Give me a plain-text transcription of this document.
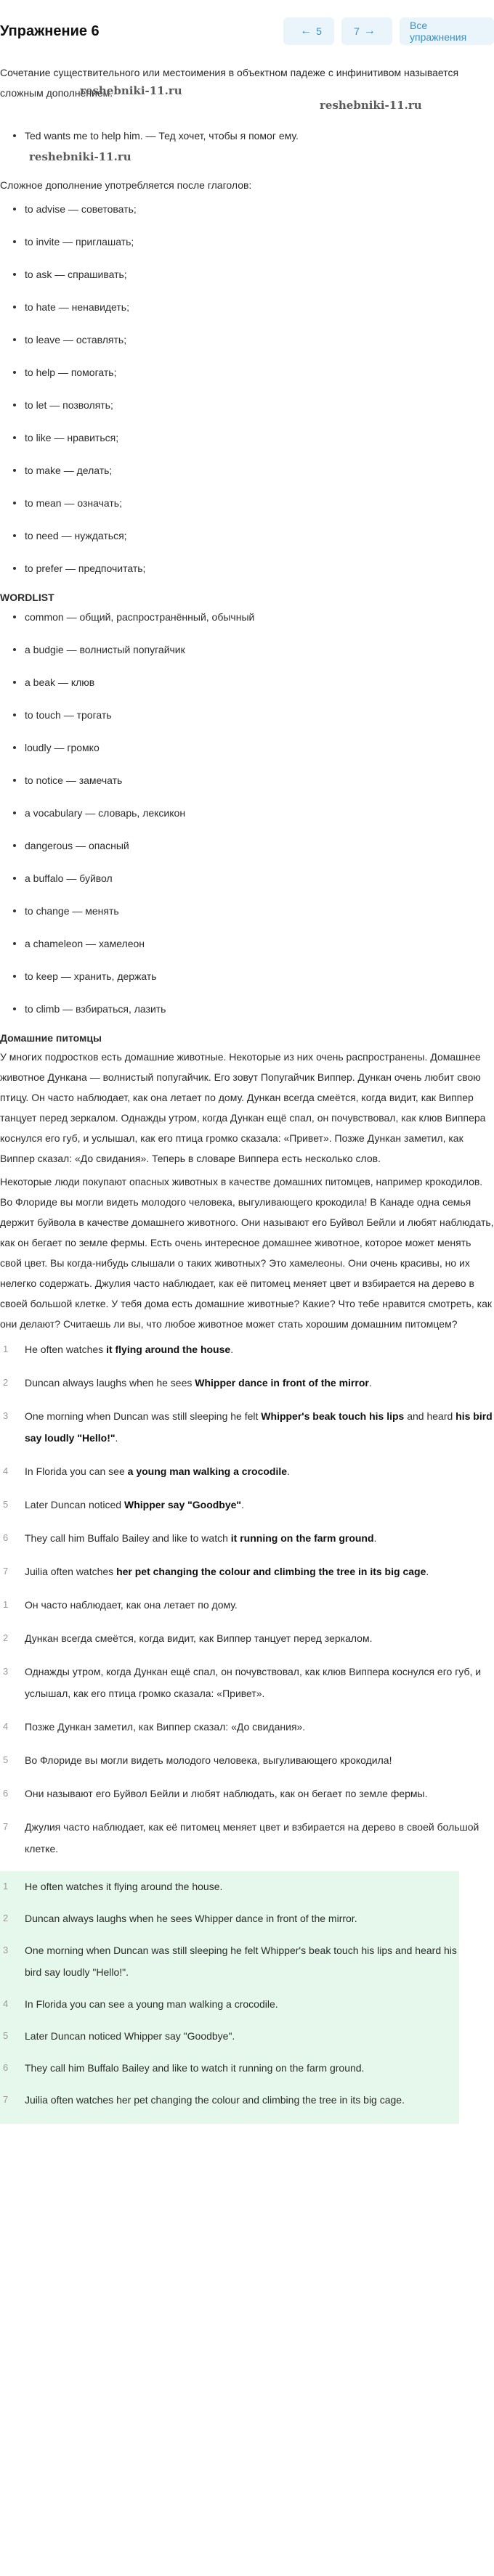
Упражнение 6	← 5	7 →	Все упражнения

Сочетание существительного или местоимения в объектном падеже с инфинитивом называется сложным дополнением.

reshebniki-11.ru
reshebniki-11.ru
Ted wants me to help him. — Тед хочет, чтобы я помог ему.
reshebniki-11.ru

Сложное дополнение употребляется после глаголов:

to advise — советовать;
to invite — приглашать;
to ask — спрашивать;
to hate — ненавидеть;
to leave — оставлять;
to help — помогать;
to let — позволять;
to like — нравиться;
to make — делать;
to mean — означать;
to need — нуждаться;
to prefer — предпочитать;
WORDLIST
common — общий, распространённый, обычный
a budgie — волнистый попугайчик
a beak — клюв
to touch — трогать
loudly — громко
to notice — замечать
a vocabulary — словарь, лексикон
dangerous — опасный
a buffalo — буйвол
to change — менять
a chameleon — хамелеон
to keep — хранить, держать
to climb — взбираться, лазить
Домашние питомцы

У многих подростков есть домашние животные. Некоторые из них очень распространены. Домашнее животное Дункана — волнистый попугайчик. Его зовут Попугайчик Виппер. Дункан очень любит свою птицу. Он часто наблюдает, как она летает по дому. Дункан всегда смеётся, когда видит, как Виппер танцует перед зеркалом. Однажды утром, когда Дункан ещё спал, он почувствовал, как клюв Виппера коснулся его губ, и услышал, как его птица громко сказала: «Привет». Позже Дункан заметил, как Виппер сказал: «До свидания». Теперь в словаре Виппера есть несколько слов.

Некоторые люди покупают опасных животных в качестве домашних питомцев, например крокодилов. Во Флориде вы могли видеть молодого человека, выгуливающего крокодила! В Канаде одна семья держит буйвола в качестве домашнего животного. Они называют его Буйвол Бейли и любят наблюдать, как он бегает по земле фермы. Есть очень интересное домашнее животное, которое может менять свой цвет. Вы когда-нибудь слышали о таких животных? Это хамелеоны. Они очень красивы, но их нелегко содержать. Джулия часто наблюдает, как её питомец меняет цвет и взбирается на дерево в своей большой клетке. У тебя дома есть домашние животные? Какие? Что тебе нравится смотреть, как они делают? Считаешь ли вы, что любое животное может стать хорошим домашним питомцем?

1 He often watches it flying around the house.
2 Duncan always laughs when he sees Whipper dance in front of the mirror.
3 One morning when Duncan was still sleeping he felt Whipper's beak touch his lips and heard his bird say loudly "Hello!".
4 In Florida you can see a young man walking a crocodile.
5 Later Duncan noticed Whipper say "Goodbye".
6 They call him Buffalo Bailey and like to watch it running on the farm ground.
7 Juilia often watches her pet changing the colour and climbing the tree in its big cage.
1 Он часто наблюдает, как она летает по дому.
2 Дункан всегда смеётся, когда видит, как Виппер танцует перед зеркалом.
3 Однажды утром, когда Дункан ещё спал, он почувствовал, как клюв Виппера коснулся его губ, и услышал, как его птица громко сказала: «Привет».
4 Позже Дункан заметил, как Виппер сказал: «До свидания».
5 Во Флориде вы могли видеть молодого человека, выгуливающего крокодила!
6 Они называют его Буйвол Бейли и любят наблюдать, как он бегает по земле фермы.
7 Джулия часто наблюдает, как её питомец меняет цвет и взбирается на дерево в своей большой клетке.
1 He often watches it flying around the house.
2 Duncan always laughs when he sees Whipper dance in front of the mirror.
3 One morning when Duncan was still sleeping he felt Whipper's beak touch his lips and heard his bird say loudly "Hello!".
4 In Florida you can see a young man walking a crocodile.
5 Later Duncan noticed Whipper say "Goodbye".
6 They call him Buffalo Bailey and like to watch it running on the farm ground.
7 Juilia often watches her pet changing the colour and climbing the tree in its big cage.
